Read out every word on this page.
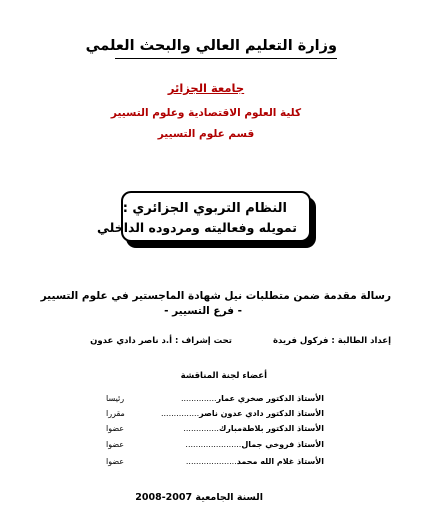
وزارة التعليم العالي والبحث العلمي
جامعة الجزائر
كلية العلوم الاقتصادية وعلوم التسيير
قسم علوم التسيير
النظام التربوي الجزائري :
تمويله وفعاليته ومردوده الداخلي
رسالة مقدمة ضمن متطلبات نيل شهادة الماجستير في علوم التسيير
- فرع التسيير -
إعداد الطالبة : فركول فريدة
تحت إشراف : أ.د ناصر دادي عدون
أعضاء لجنة المناقشة
الأستاذ الدكتور صخري عمار..............
رئيسا
الأستاذ الدكتور دادي عدون ناصر...............
مقررا
الأستاذ الدكتور بلاطةمبارك..............
عضوا
الأستاذ فروخي جمال......................
عضوا
الأستاذ غلام الله محمد....................
عضوا
السنة الجامعية 2007-2008
